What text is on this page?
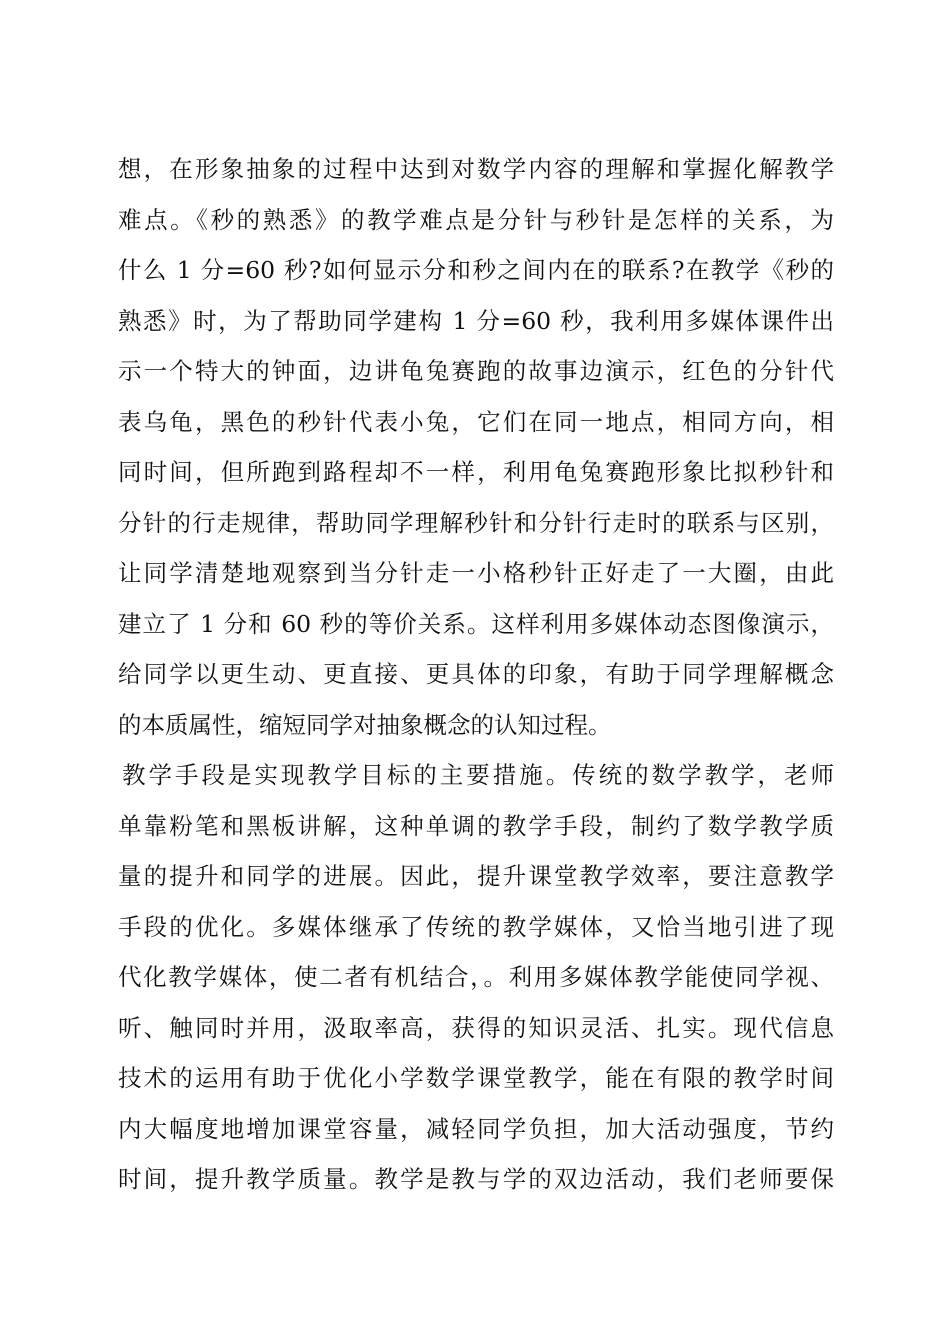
想，在形象抽象的过程中达到对数学内容的理解和掌握化解教学
难点。《秒的熟悉》的教学难点是分针与秒针是怎样的关系，为
什么 1 分=60 秒?如何显示分和秒之间内在的联系?在教学《秒的
熟悉》时，为了帮助同学建构 1 分=60 秒，我利用多媒体课件出
示一个特大的钟面，边讲龟兔赛跑的故事边演示，红色的分针代
表乌龟，黑色的秒针代表小兔，它们在同一地点，相同方向，相
同时间，但所跑到路程却不一样，利用龟兔赛跑形象比拟秒针和
分针的行走规律，帮助同学理解秒针和分针行走时的联系与区别，
让同学清楚地观察到当分针走一小格秒针正好走了一大圈，由此
建立了 1 分和 60 秒的等价关系。这样利用多媒体动态图像演示，
给同学以更生动、更直接、更具体的印象，有助于同学理解概念
的本质属性，缩短同学对抽象概念的认知过程。
教学手段是实现教学目标的主要措施。传统的数学教学，老师
单靠粉笔和黑板讲解，这种单调的教学手段，制约了数学教学质
量的提升和同学的进展。因此，提升课堂教学效率，要注意教学
手段的优化。多媒体继承了传统的教学媒体，又恰当地引进了现
代化教学媒体，使二者有机结合，。利用多媒体教学能使同学视、
听、触同时并用，汲取率高，获得的知识灵活、扎实。现代信息
技术的运用有助于优化小学数学课堂教学，能在有限的教学时间
内大幅度地增加课堂容量，减轻同学负担，加大活动强度，节约
时间，提升教学质量。教学是教与学的双边活动，我们老师要保
